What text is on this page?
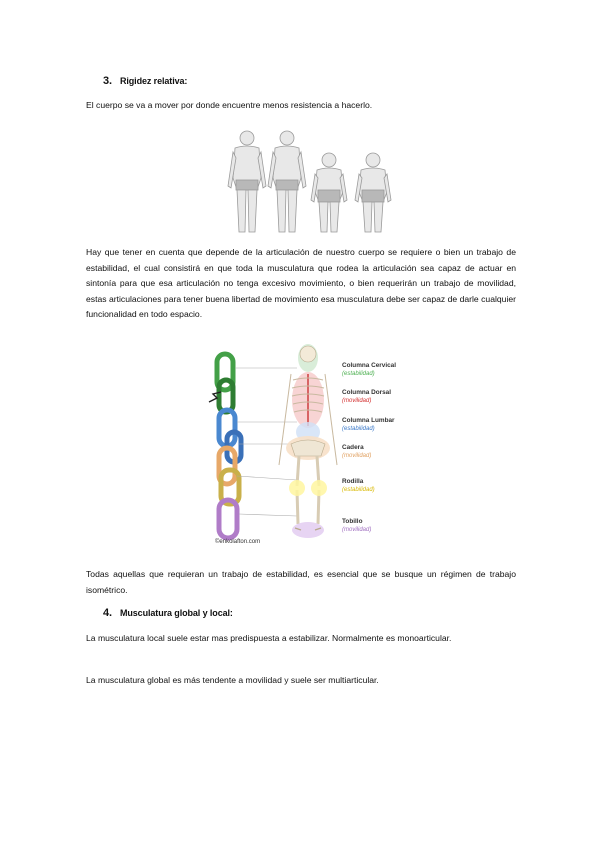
3. Rigidez relativa:
El cuerpo se va a mover por donde encuentre menos resistencia a hacerlo.
Hay que tener en cuenta que depende de la articulación de nuestro cuerpo se requiere o bien un trabajo de estabilidad, el cual consistirá en que toda la musculatura que rodea la articulación sea capaz de actuar en sintonía para que esa articulación no tenga excesivo movimiento, o bien requerirán un trabajo de movilidad, estas articulaciones para tener buena libertad de movimiento esa musculatura debe ser capaz de darle cualquier funcionalidad en todo espacio.
©enkolafton.com
Columna Cervical
(estabilidad)
Columna Dorsal
(movilidad)
Columna Lumbar
(estabilidad)
Cadera
(movilidad)
Rodilla
(estabilidad)
Tobillo
(movilidad)
Todas aquellas que requieran un trabajo de estabilidad, es esencial que se busque un régimen de trabajo isométrico.
4. Musculatura global y local:
La musculatura local suele estar mas predispuesta a estabilizar. Normalmente es monoarticular.
La musculatura global es más tendente a movilidad y suele ser multiarticular.
